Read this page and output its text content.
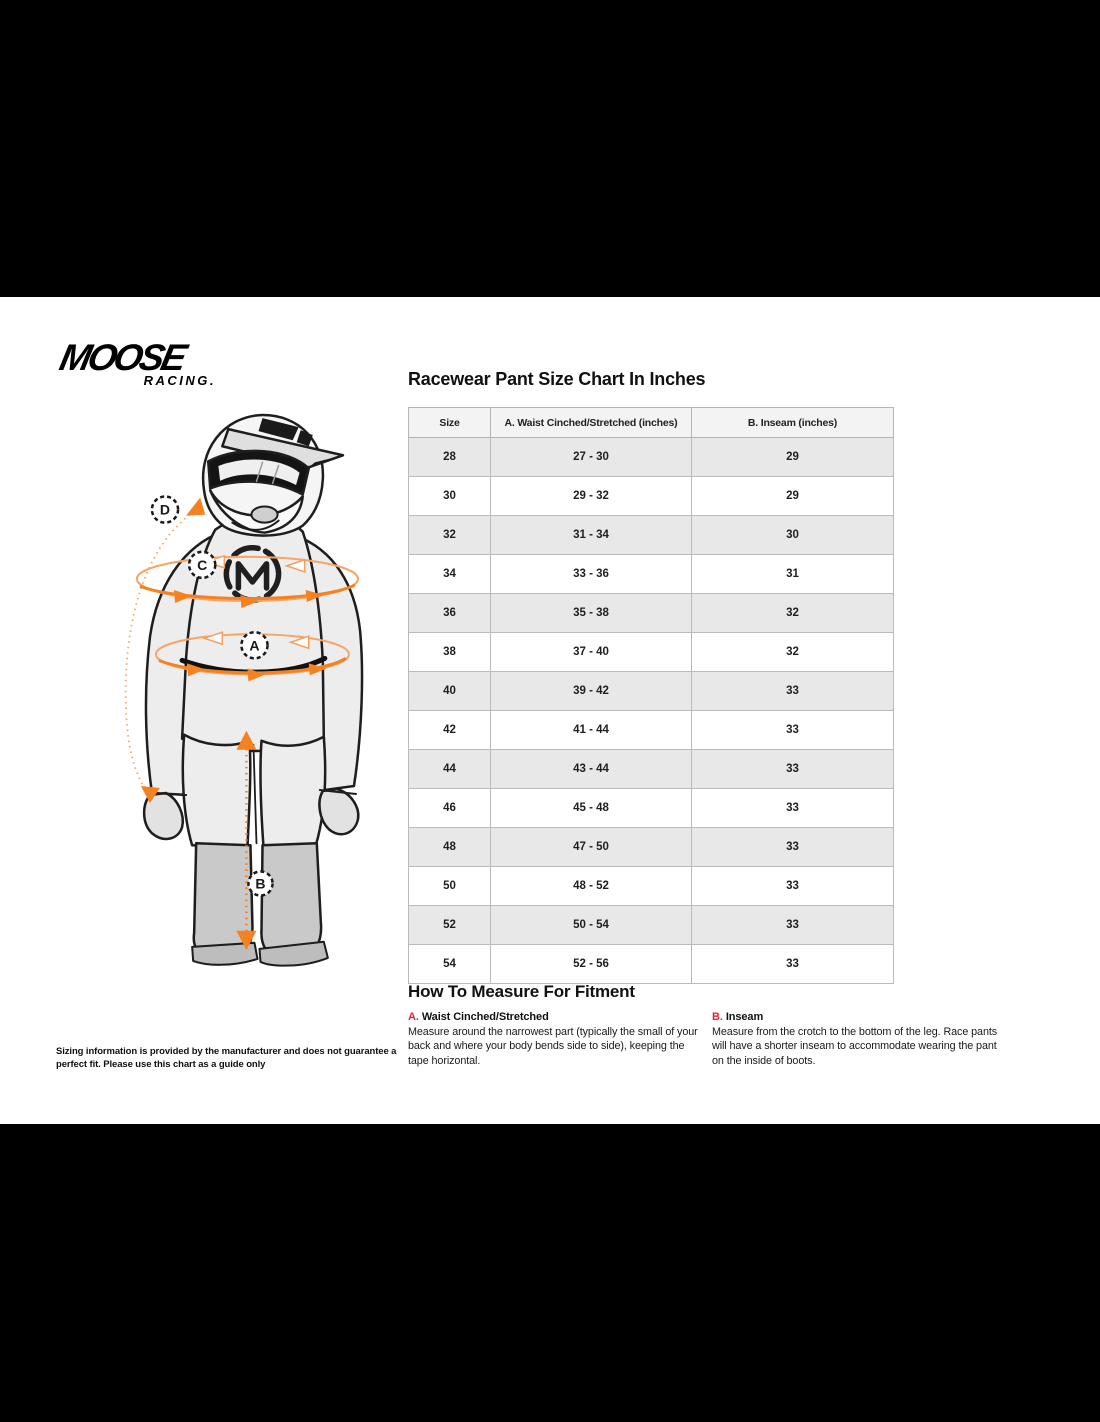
MOOSE
RACING.
D
C
A
B
Racewear Pant Size Chart In Inches
Size	A. Waist Cinched/Stretched (inches)	B. Inseam (inches)
28	27 - 30	29
30	29 - 32	29
32	31 - 34	30
34	33 - 36	31
36	35 - 38	32
38	37 - 40	32
40	39 - 42	33
42	41 - 44	33
44	43 - 44	33
46	45 - 48	33
48	47 - 50	33
50	48 - 52	33
52	50 - 54	33
54	52 - 56	33
How To Measure For Fitment
A. Waist Cinched/Stretched

Measure around the narrowest part (typically the small of your back and where your body bends side to side), keeping the tape horizontal.

B. Inseam

Measure from the crotch to the bottom of the leg. Race pants will have a shorter inseam to accommodate wearing the pant on the inside of boots.

Sizing information is provided by the manufacturer and does not guarantee a perfect fit. Please use this chart as a guide only
